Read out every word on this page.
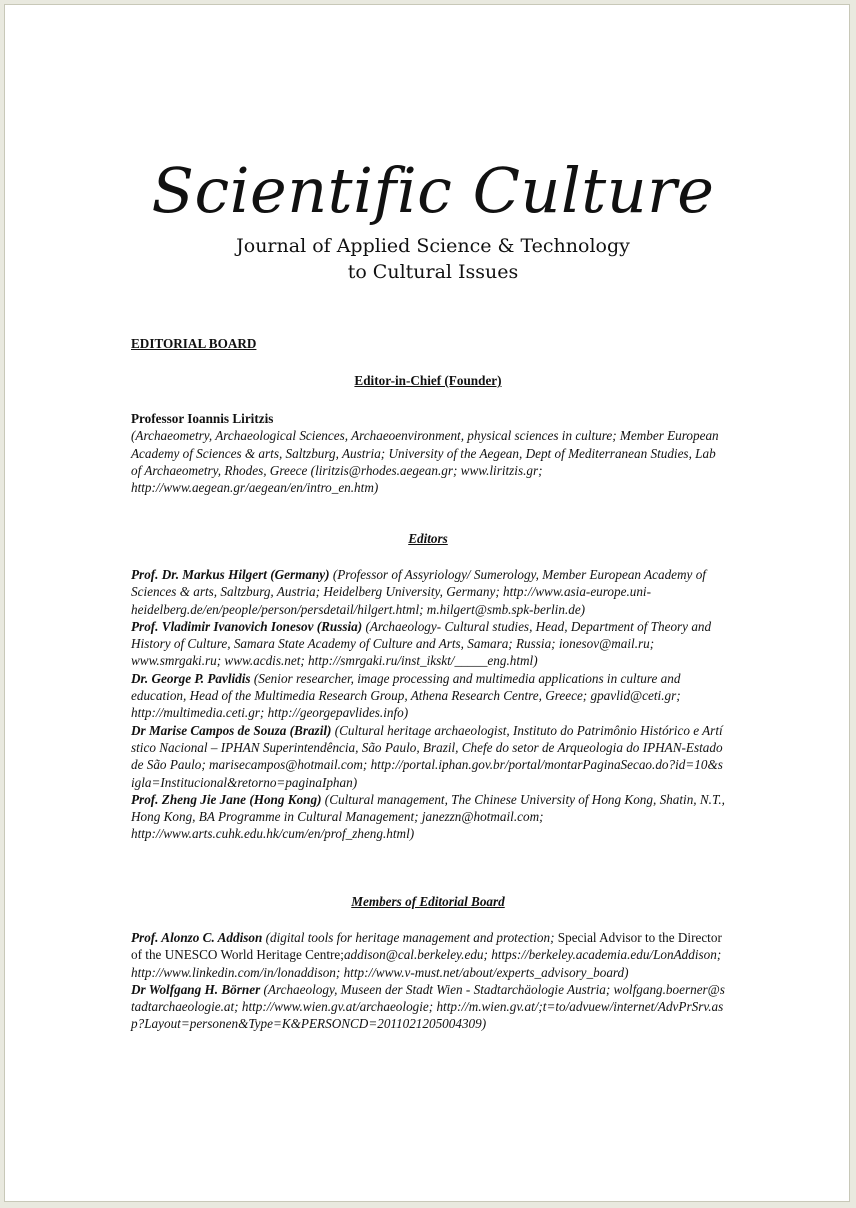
Scientific Culture
Journal of Applied Science & Technology
to Cultural Issues
EDITORIAL BOARD
Editor-in-Chief (Founder)

Professor Ioannis Liritzis

(Archaeometry, Archaeological Sciences, Archaeoenvironment, physical sciences in culture; Member European Academy of Sciences & arts, Saltzburg, Austria; University of the Aegean, Dept of Mediterranean Studies, Lab of Archaeometry, Rhodes, Greece (liritzis@rhodes.aegean.gr; www.liritzis.gr; http://www.aegean.gr/aegean/en/intro_en.htm)

Editors

Prof. Dr. Markus Hilgert (Germany) (Professor of Assyriology/ Sumerology, Member European Academy of Sciences & arts, Saltzburg, Austria; Heidelberg University, Germany; http://www.asia-europe.uni-heidelberg.de/en/people/person/persdetail/hilgert.html; m.hilgert@smb.spk-berlin.de)

Prof. Vladimir Ivanovich Ionesov (Russia) (Archaeology- Cultural studies, Head, Department of Theory and History of Culture, Samara State Academy of Culture and Arts, Samara; Russia; ionesov@mail.ru; www.smrgaki.ru; www.acdis.net; http://smrgaki.ru/inst_ikskt/_____eng.html)

Dr. George P. Pavlidis (Senior researcher, image processing and multimedia applications in culture and education, Head of the Multimedia Research Group, Athena Research Centre, Greece; gpavlid@ceti.gr; http://multimedia.ceti.gr; http://georgepavlides.info)

Dr Marise Campos de Souza (Brazil) (Cultural heritage archaeologist, Instituto do Patrimônio Histórico e Artístico Nacional – IPHAN Superintendência, São Paulo, Brazil, Chefe do setor de Arqueologia do IPHAN-Estado de São Paulo; marisecampos@hotmail.com; http://portal.iphan.gov.br/portal/montarPaginaSecao.do?id=10&sigla=Institucional&retorno=paginaIphan)

Prof. Zheng Jie Jane (Hong Kong) (Cultural management, The Chinese University of Hong Kong, Shatin, N.T., Hong Kong, BA Programme in Cultural Management; janezzn@hotmail.com; http://www.arts.cuhk.edu.hk/cum/en/prof_zheng.html)

Members of Editorial Board

Prof. Alonzo C. Addison (digital tools for heritage management and protection; Special Advisor to the Director of the UNESCO World Heritage Centre;addison@cal.berkeley.edu; https://berkeley.academia.edu/LonAddison; http://www.linkedin.com/in/lonaddison; http://www.v-must.net/about/experts_advisory_board)

Dr Wolfgang H. Börner (Archaeology, Museen der Stadt Wien - Stadtarchäologie Austria; wolfgang.boerner@stadtarchaeologie.at; http://www.wien.gv.at/archaeologie; http://m.wien.gv.at/;t=to/advuew/internet/AdvPrSrv.asp?Layout=personen&Type=K&PERSONCD=2011021205004309)
